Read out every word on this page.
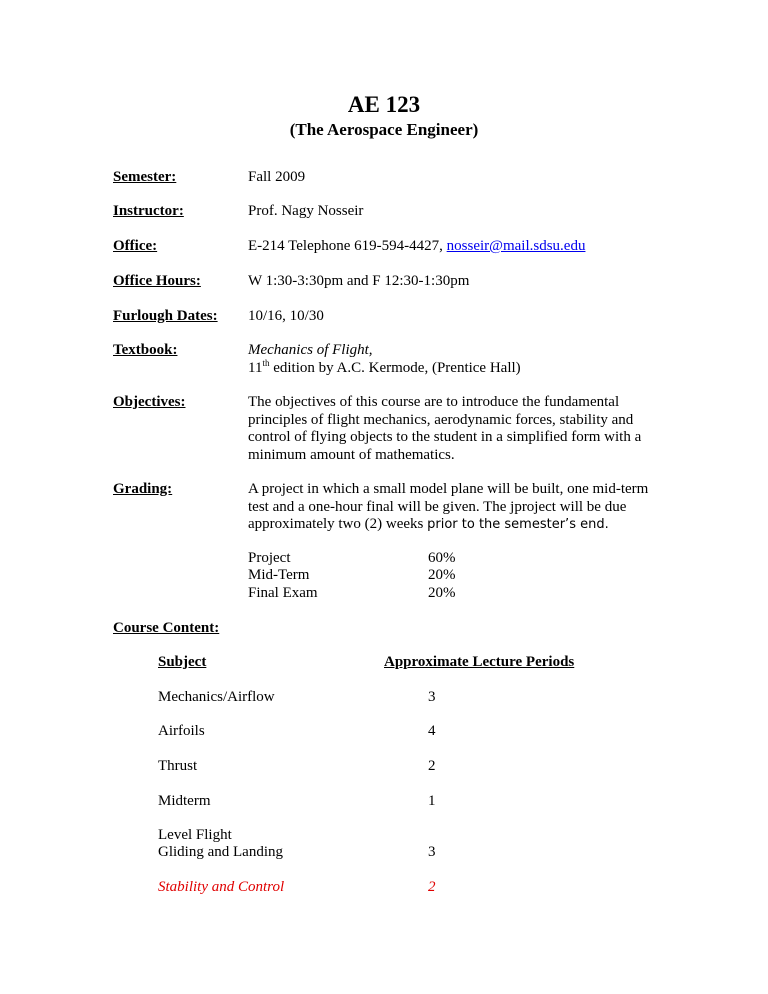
AE 123
(The Aerospace Engineer)
Semester:	Fall 2009
Instructor:	Prof. Nagy Nosseir
Office:	E-214 Telephone 619-594-4427, nosseir@mail.sdsu.edu
Office Hours:	W 1:30-3:30pm and F 12:30-1:30pm
Furlough Dates: 10/16, 10/30
Textbook:	Mechanics of Flight,
11th edition by A.C. Kermode, (Prentice Hall)
Objectives:	The objectives of this course are to introduce the fundamental principles of flight mechanics, aerodynamic forces, stability and control of flying objects to the student in a simplified form with a minimum amount of mathematics.
Grading:	A project in which a small model plane will be built, one mid-term test and a one-hour final will be given. The jproject will be due approximately two (2) weeks prior to the semester’s end.
Project	60%
Mid-Term	20%
Final Exam	20%
Course Content:
Subject	Approximate Lecture Periods
Mechanics/Airflow	3
Airfoils	4
Thrust	2
Midterm	1
Level Flight
Gliding and Landing	3
Stability and Control	2
